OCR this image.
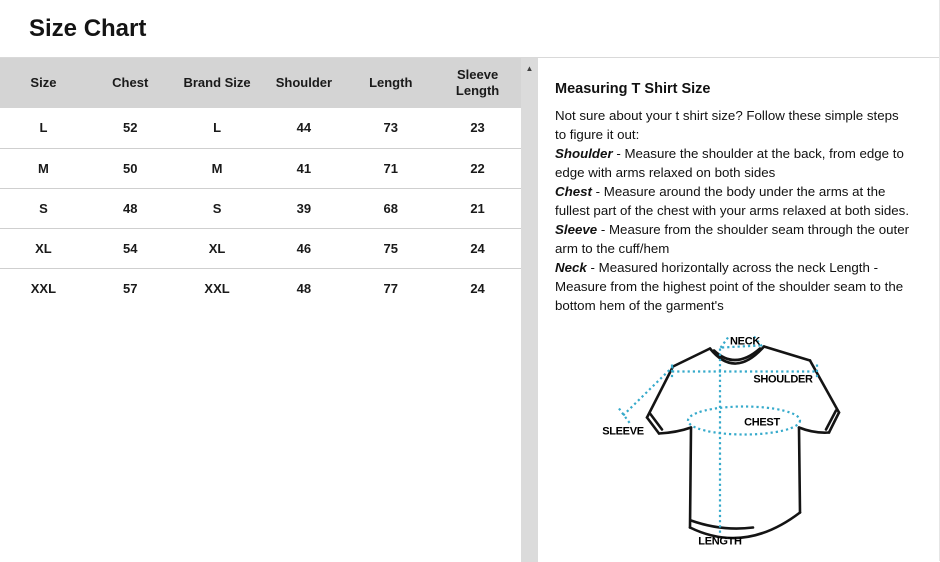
Size Chart
Size	Chest	Brand Size	Shoulder	Length	Sleeve Length
L	52	L	44	73	23
M	50	M	41	71	22
S	48	S	39	68	21
XL	54	XL	46	75	24
XXL	57	XXL	48	77	24
▲
Measuring T Shirt Size
Not sure about your t shirt size? Follow these simple steps to figure it out:
Shoulder - Measure the shoulder at the back, from edge to edge with arms relaxed on both sides
Chest - Measure around the body under the arms at the fullest part of the chest with your arms relaxed at both sides.
Sleeve - Measure from the shoulder seam through the outer arm to the cuff/hem
Neck - Measured horizontally across the neck Length - Measure from the highest point of the shoulder seam to the bottom hem of the garment's
NECK
SHOULDER
SLEEVE
CHEST
LENGTH
